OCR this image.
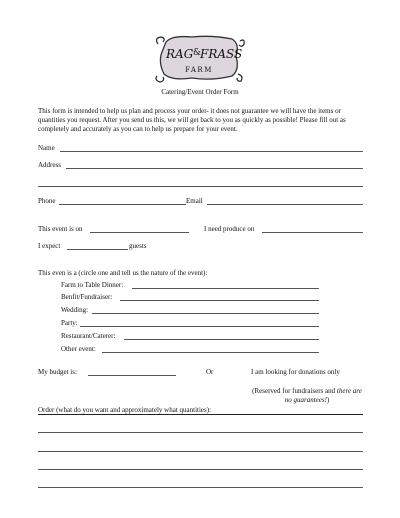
RAG &
FRASS
FARM
Catering/Event Order Form
This form is intended to help us plan and process your order- it does not guarantee we will have the items or quantities you request. After you send us this, we will get back to you as quickly as possible! Please fill out as completely and accurately as you can to help us prepare for your event.
Name
Address
Phone	Email
This event is on	I need produce on
I expect	guests
This even is a (circle one and tell us the nature of the event):
Farm to Table Dinner:
Benfit/Fundraiser:
Wedding:
Party:
Restaurant/Caterer:
Other event:
My budget is:	Or	I am looking for donations only
(Reserved for fundraisers and there are no guarantees!)
Order (what do you want and approximately what quantities):
